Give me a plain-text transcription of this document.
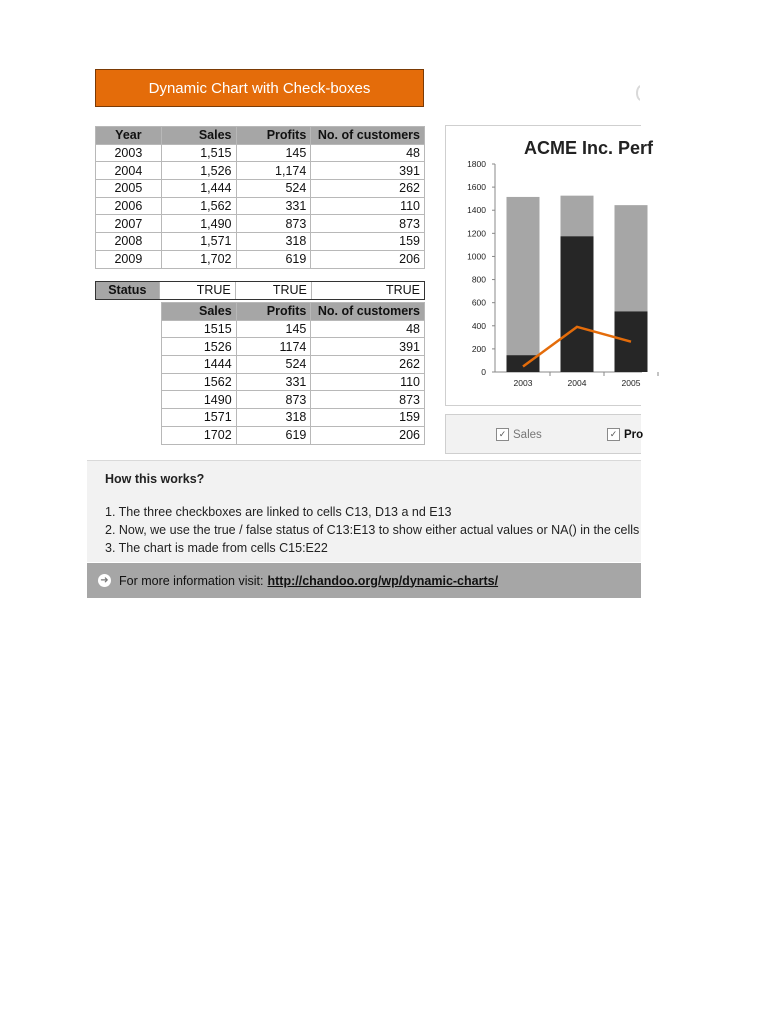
Dynamic Chart with Check-boxes
Year	Sales	Profits	No. of customers
2003	1,515	145	48
2004	1,526	1,174	391
2005	1,444	524	262
2006	1,562	331	110
2007	1,490	873	873
2008	1,571	318	159
2009	1,702	619	206
Status	TRUE	TRUE	TRUE
Sales	Profits	No. of customers
1515	145	48
1526	1174	391
1444	524	262
1562	331	110
1490	873	873
1571	318	159
1702	619	206
0
200
400
600
800
1000
1200
1400
1600
1800
2003	2004	2005
ACME Inc. Perf
✓ Sales	✓ Pro
How this works?
1. The three checkboxes are linked to cells C13, D13 a nd E13
2. Now, we use the true / false status of C13:E13 to show either actual values or NA() in the cells
3. The chart is made from cells C15:E22
➜ For more information visit: http://chandoo.org/wp/dynamic-charts/
